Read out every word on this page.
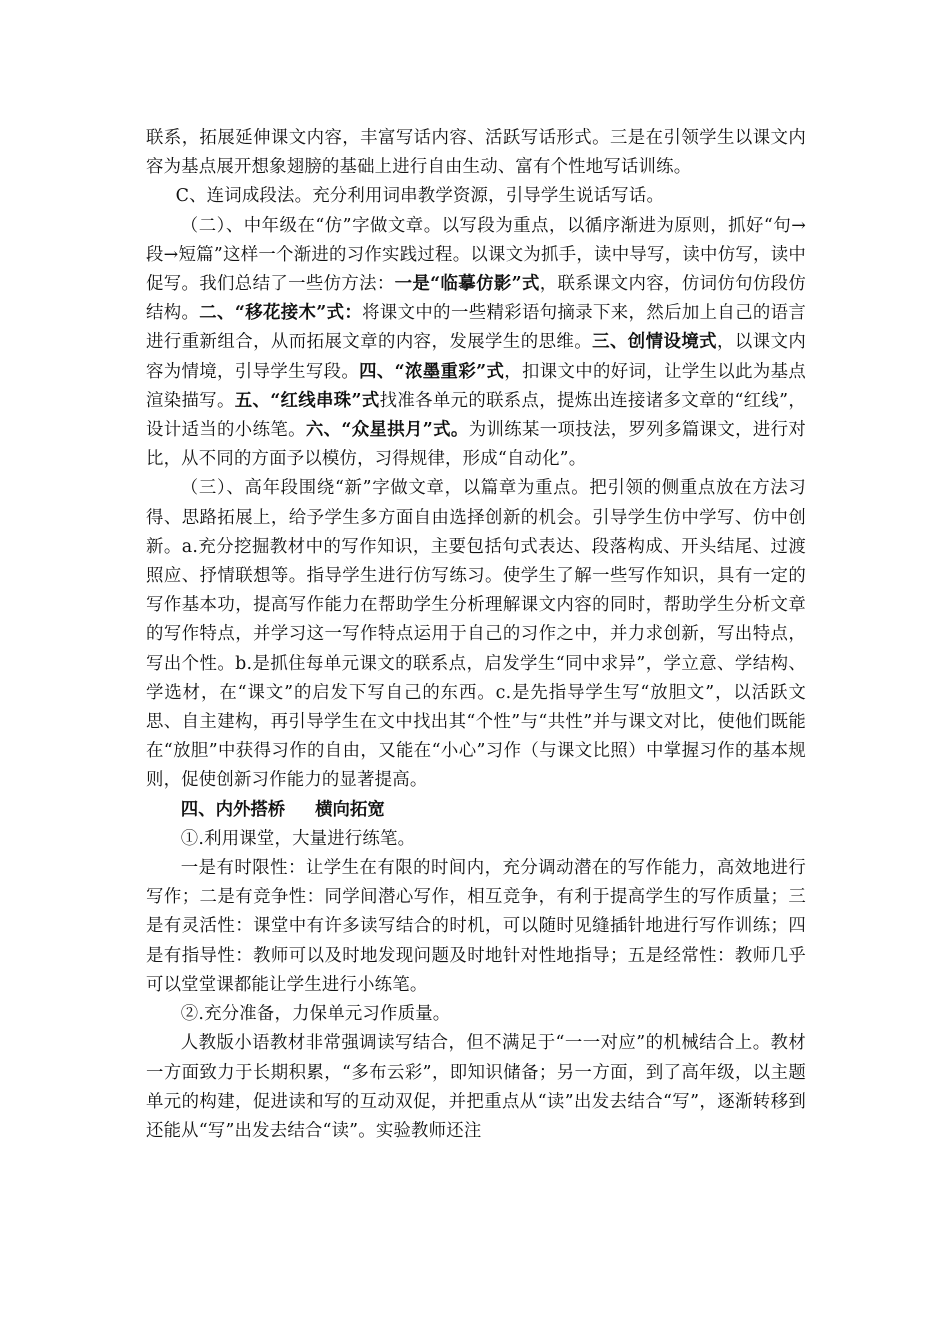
联系，拓展延伸课文内容，丰富写话内容、活跃写话形式。三是在引领学生以课文内容为基点展开想象翅膀的基础上进行自由生动、富有个性地写话训练。

C、连词成段法。充分利用词串教学资源，引导学生说话写话。

（二）、中年级在“仿”字做文章。以写段为重点，以循序渐进为原则，抓好“句→段→短篇”这样一个渐进的习作实践过程。以课文为抓手，读中导写，读中仿写，读中促写。我们总结了一些仿方法：一是“临摹仿影”式，联系课文内容，仿词仿句仿段仿结构。二、“移花接木”式：将课文中的一些精彩语句摘录下来，然后加上自己的语言进行重新组合，从而拓展文章的内容，发展学生的思维。三、创情设境式，以课文内容为情境，引导学生写段。四、“浓墨重彩”式，扣课文中的好词，让学生以此为基点渲染描写。五、“红线串珠”式找准各单元的联系点，提炼出连接诸多文章的“红线”，设计适当的小练笔。六、“众星拱月”式。为训练某一项技法，罗列多篇课文，进行对比，从不同的方面予以模仿，习得规律，形成“自动化”。

（三）、高年段围绕“新”字做文章，以篇章为重点。把引领的侧重点放在方法习得、思路拓展上，给予学生多方面自由选择创新的机会。引导学生仿中学写、仿中创新。a.充分挖掘教材中的写作知识，主要包括句式表达、段落构成、开头结尾、过渡照应、抒情联想等。指导学生进行仿写练习。使学生了解一些写作知识，具有一定的写作基本功，提高写作能力在帮助学生分析理解课文内容的同时，帮助学生分析文章的写作特点，并学习这一写作特点运用于自己的习作之中，并力求创新，写出特点，写出个性。b.是抓住每单元课文的联系点，启发学生“同中求异”，学立意、学结构、学选材，在“课文”的启发下写自己的东西。c.是先指导学生写“放胆文”，以活跃文思、自主建构，再引导学生在文中找出其“个性”与“共性”并与课文对比，使他们既能在“放胆”中获得习作的自由，又能在“小心”习作（与课文比照）中掌握习作的基本规则，促使创新习作能力的显著提高。

四、内外搭桥 横向拓宽

①.利用课堂，大量进行练笔。

一是有时限性：让学生在有限的时间内，充分调动潜在的写作能力，高效地进行写作；二是有竞争性：同学间潜心写作，相互竞争，有利于提高学生的写作质量；三是有灵活性：课堂中有许多读写结合的时机，可以随时见缝插针地进行写作训练；四是有指导性：教师可以及时地发现问题及时地针对性地指导；五是经常性：教师几乎可以堂堂课都能让学生进行小练笔。

②.充分准备，力保单元习作质量。

人教版小语教材非常强调读写结合，但不满足于“一一对应”的机械结合上。教材一方面致力于长期积累，“多布云彩”，即知识储备；另一方面，到了高年级，以主题单元的构建，促进读和写的互动双促，并把重点从“读”出发去结合“写”，逐渐转移到还能从“写”出发去结合“读”。实验教师还注
